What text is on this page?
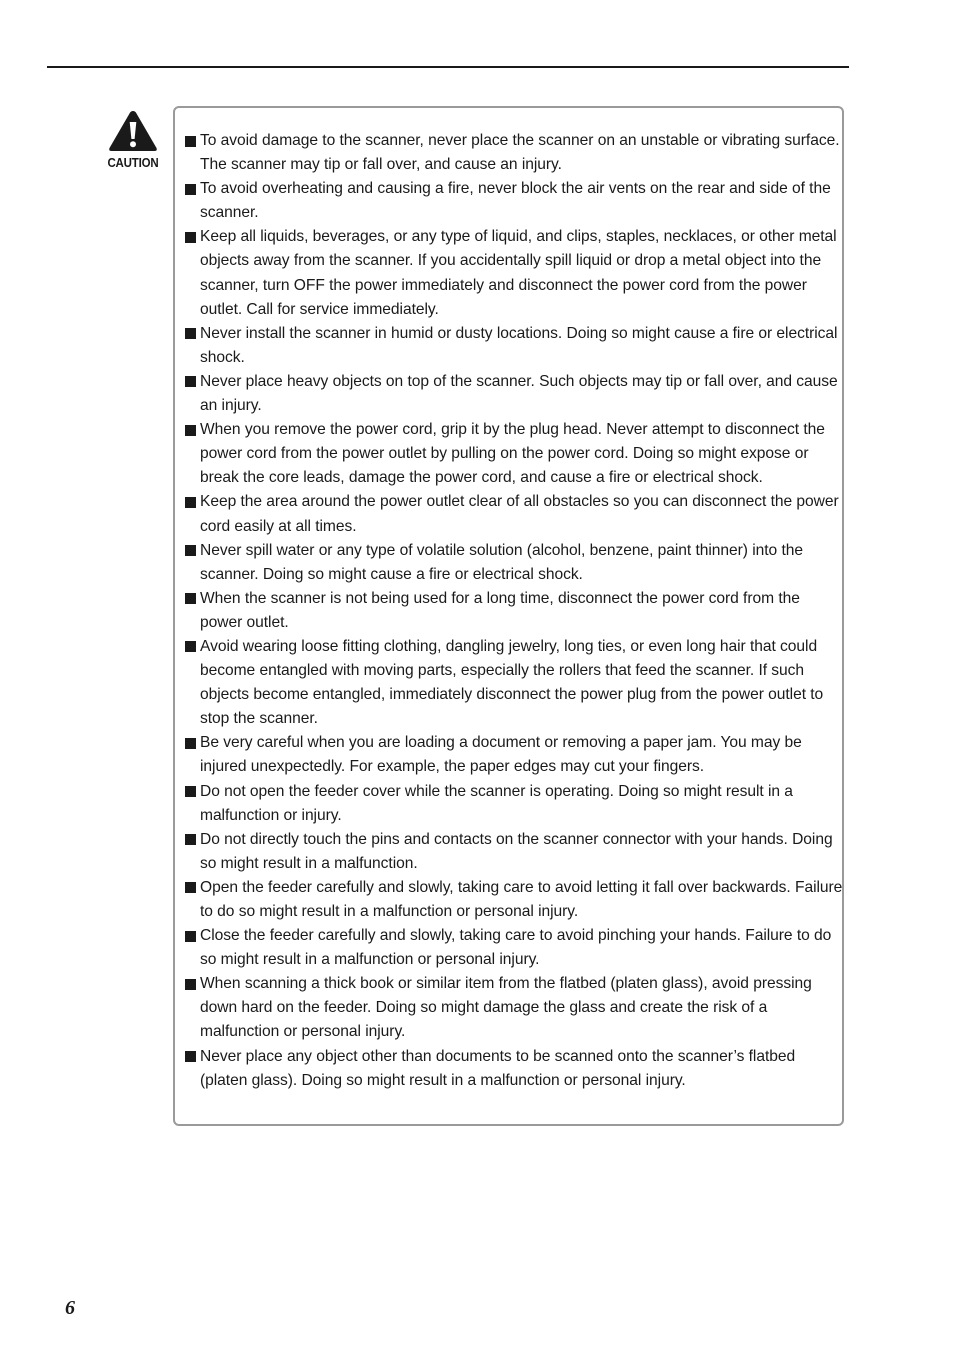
CAUTION
To avoid damage to the scanner, never place the scanner on an unstable or vibrating surface. The scanner may tip or fall over, and cause an injury.
To avoid overheating and causing a fire, never block the air vents on the rear and side of the scanner.
Keep all liquids, beverages, or any type of liquid, and clips, staples, necklaces, or other metal objects away from the scanner. If you accidentally spill liquid or drop a metal object into the scanner, turn OFF the power immediately and disconnect the power cord from the power outlet. Call for service immediately.
Never install the scanner in humid or dusty locations. Doing so might cause a fire or electrical shock.
Never place heavy objects on top of the scanner. Such objects may tip or fall over, and cause an injury.
When you remove the power cord, grip it by the plug head. Never attempt to disconnect the power cord from the power outlet by pulling on the power cord. Doing so might expose or break the core leads, damage the power cord, and cause a fire or electrical shock.
Keep the area around the power outlet clear of all obstacles so you can disconnect the power cord easily at all times.
Never spill water or any type of volatile solution (alcohol, benzene, paint thinner) into the scanner. Doing so might cause a fire or electrical shock.
When the scanner is not being used for a long time, disconnect the power cord from the power outlet.
Avoid wearing loose fitting clothing, dangling jewelry, long ties, or even long hair that could become entangled with moving parts, especially the rollers that feed the scanner. If such objects become entangled, immediately disconnect the power plug from the power outlet to stop the scanner.
Be very careful when you are loading a document or removing a paper jam. You may be injured unexpectedly. For example, the paper edges may cut your fingers.
Do not open the feeder cover while the scanner is operating. Doing so might result in a malfunction or injury.
Do not directly touch the pins and contacts on the scanner connector with your hands. Doing so might result in a malfunction.
Open the feeder carefully and slowly, taking care to avoid letting it fall over backwards. Failure to do so might result in a malfunction or personal injury.
Close the feeder carefully and slowly, taking care to avoid pinching your hands. Failure to do so might result in a malfunction or personal injury.
When scanning a thick book or similar item from the flatbed (platen glass), avoid pressing down hard on the feeder. Doing so might damage the glass and create the risk of a malfunction or personal injury.
Never place any object other than documents to be scanned onto the scanner’s flatbed (platen glass). Doing so might result in a malfunction or personal injury.
6
